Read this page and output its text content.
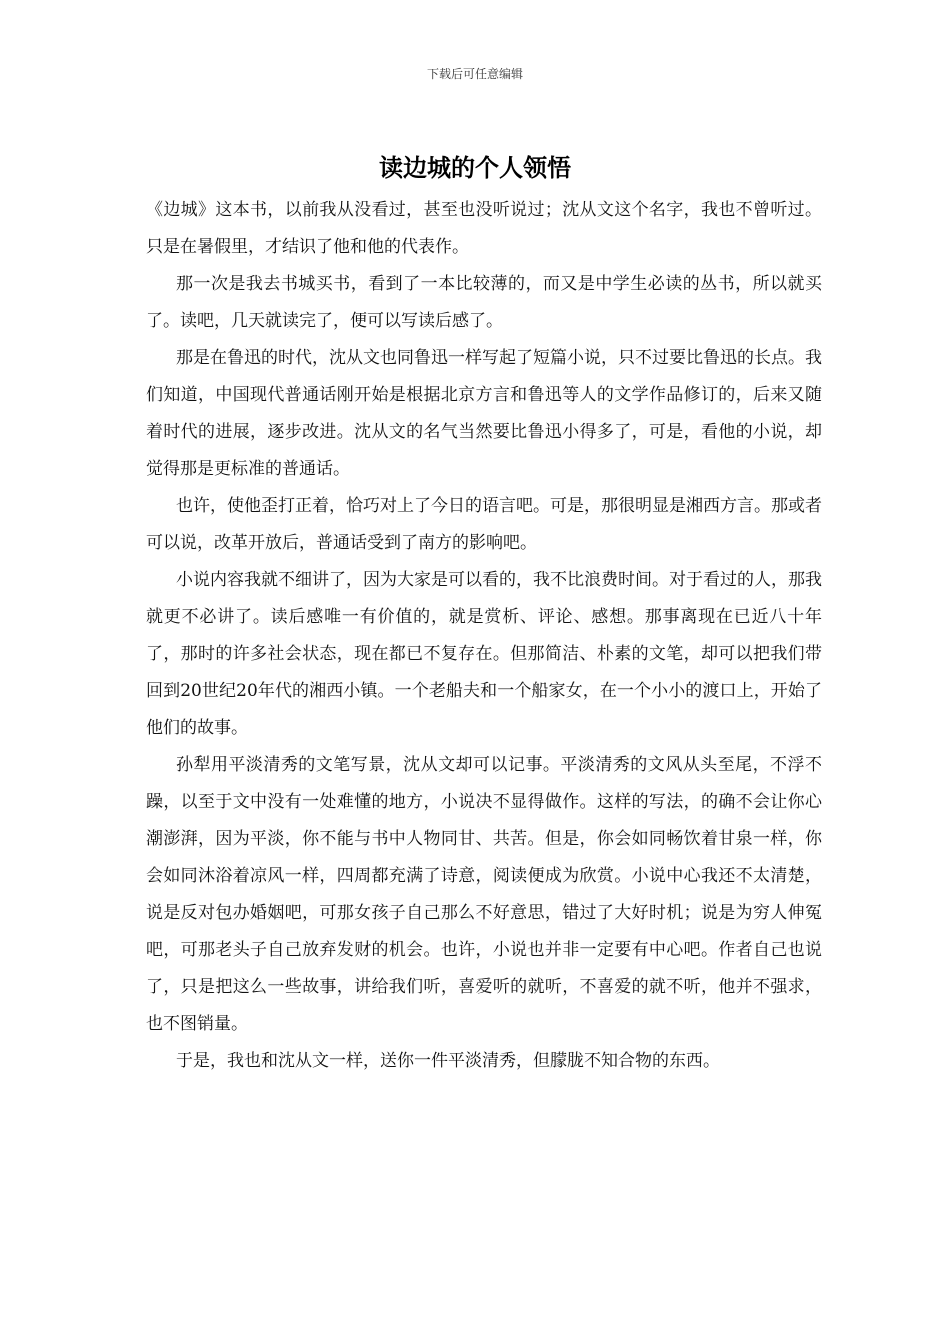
下载后可任意编辑
读边城的个人领悟

《边城》这本书，以前我从没看过，甚至也没听说过；沈从文这个名字，我也不曾听过。只是在暑假里，才结识了他和他的代表作。

那一次是我去书城买书，看到了一本比较薄的，而又是中学生必读的丛书，所以就买了。读吧，几天就读完了，便可以写读后感了。

那是在鲁迅的时代，沈从文也同鲁迅一样写起了短篇小说，只不过要比鲁迅的长点。我们知道，中国现代普通话刚开始是根据北京方言和鲁迅等人的文学作品修订的，后来又随着时代的进展，逐步改进。沈从文的名气当然要比鲁迅小得多了，可是，看他的小说，却觉得那是更标准的普通话。

也许，使他歪打正着，恰巧对上了今日的语言吧。可是，那很明显是湘西方言。那或者可以说，改革开放后，普通话受到了南方的影响吧。

小说内容我就不细讲了，因为大家是可以看的，我不比浪费时间。对于看过的人，那我就更不必讲了。读后感唯一有价值的，就是赏析、评论、感想。那事离现在已近八十年了，那时的许多社会状态，现在都已不复存在。但那简洁、朴素的文笔，却可以把我们带回到20世纪20年代的湘西小镇。一个老船夫和一个船家女，在一个小小的渡口上，开始了他们的故事。

孙犁用平淡清秀的文笔写景，沈从文却可以记事。平淡清秀的文风从头至尾，不浮不躁，以至于文中没有一处难懂的地方，小说决不显得做作。这样的写法，的确不会让你心潮澎湃，因为平淡，你不能与书中人物同甘、共苦。但是，你会如同畅饮着甘泉一样，你会如同沐浴着凉风一样，四周都充满了诗意，阅读便成为欣赏。小说中心我还不太清楚，说是反对包办婚姻吧，可那女孩子自己那么不好意思，错过了大好时机；说是为穷人伸冤吧，可那老头子自己放弃发财的机会。也许，小说也并非一定要有中心吧。作者自己也说了，只是把这么一些故事，讲给我们听，喜爱听的就听，不喜爱的就不听，他并不强求，也不图销量。

于是，我也和沈从文一样，送你一件平淡清秀，但朦胧不知合物的东西。
